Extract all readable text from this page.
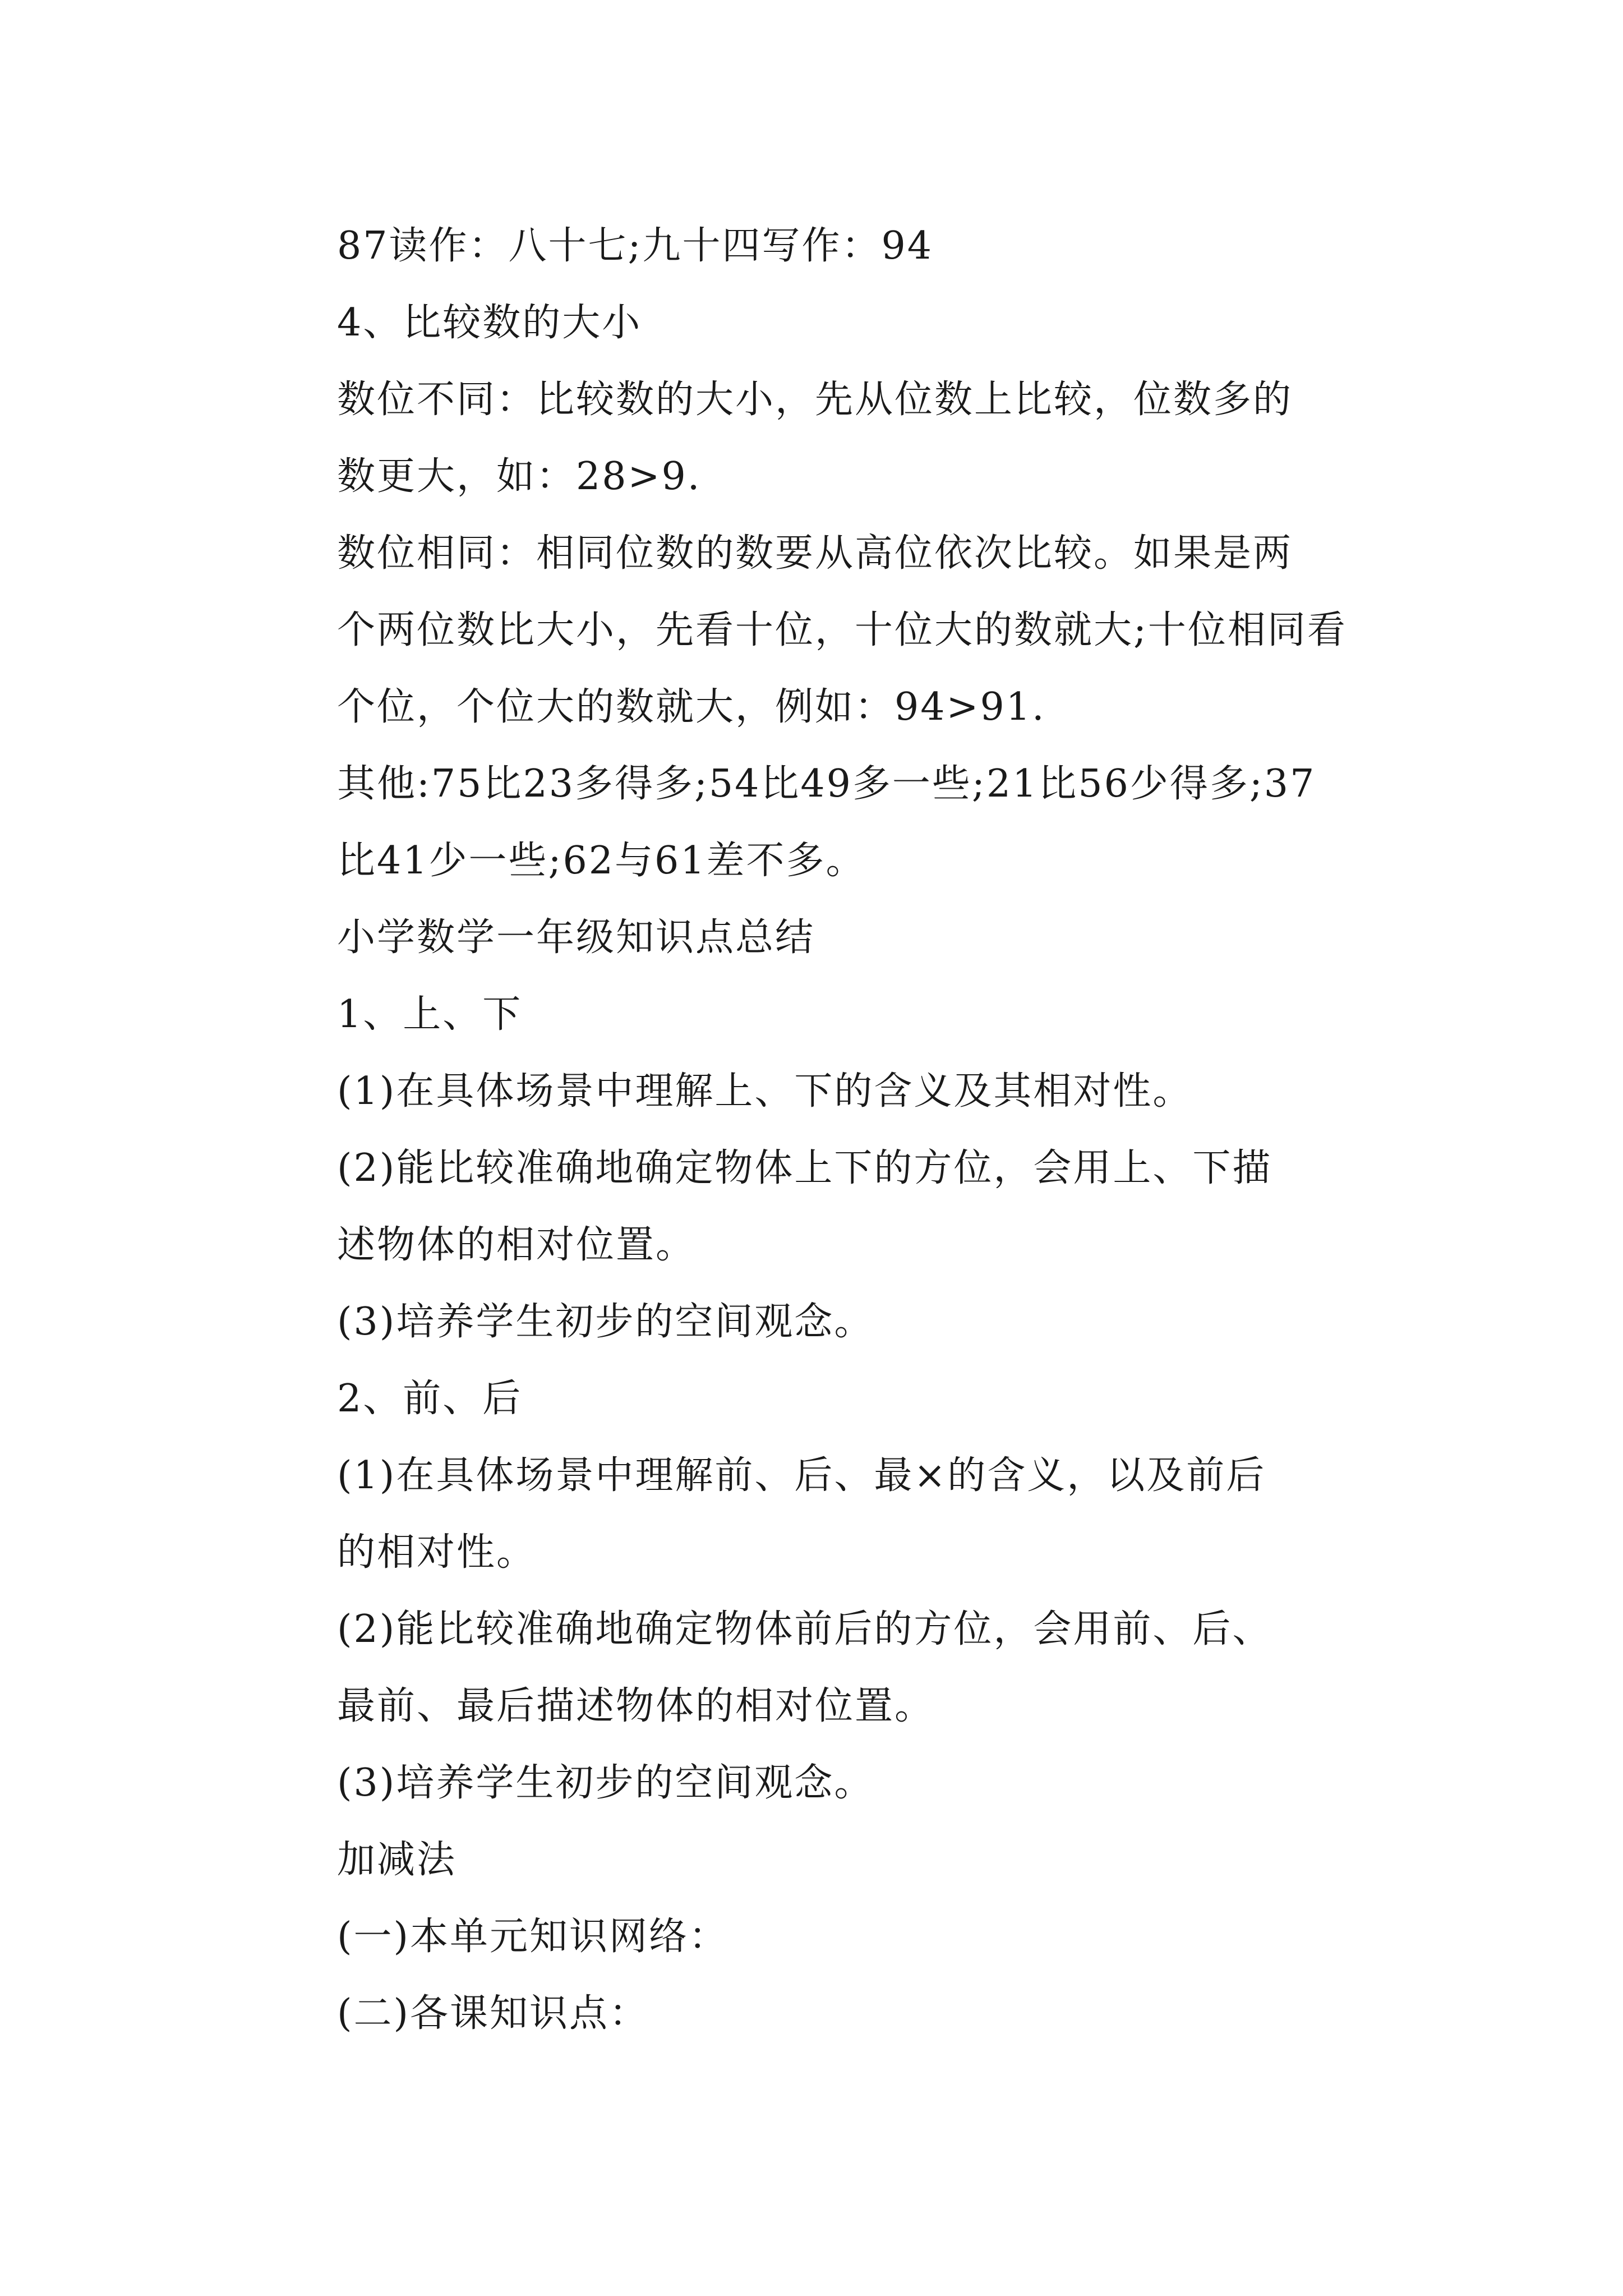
87读作：八十七;九十四写作：94

4、比较数的大小

数位不同：比较数的大小，先从位数上比较，位数多的
数更大，如：28>9.

数位相同：相同位数的数要从高位依次比较。如果是两
个两位数比大小，先看十位，十位大的数就大;十位相同看
个位，个位大的数就大，例如：94>91.

其他:75比23多得多;54比49多一些;21比56少得多;37
比41少一些;62与61差不多。

小学数学一年级知识点总结

1、上、下

(1)在具体场景中理解上、下的含义及其相对性。

(2)能比较准确地确定物体上下的方位，会用上、下描
述物体的相对位置。

(3)培养学生初步的空间观念。

2、前、后

(1)在具体场景中理解前、后、最×的含义，以及前后
的相对性。

(2)能比较准确地确定物体前后的方位，会用前、后、
最前、最后描述物体的相对位置。

(3)培养学生初步的空间观念。

加减法

(一)本单元知识网络：

(二)各课知识点：
